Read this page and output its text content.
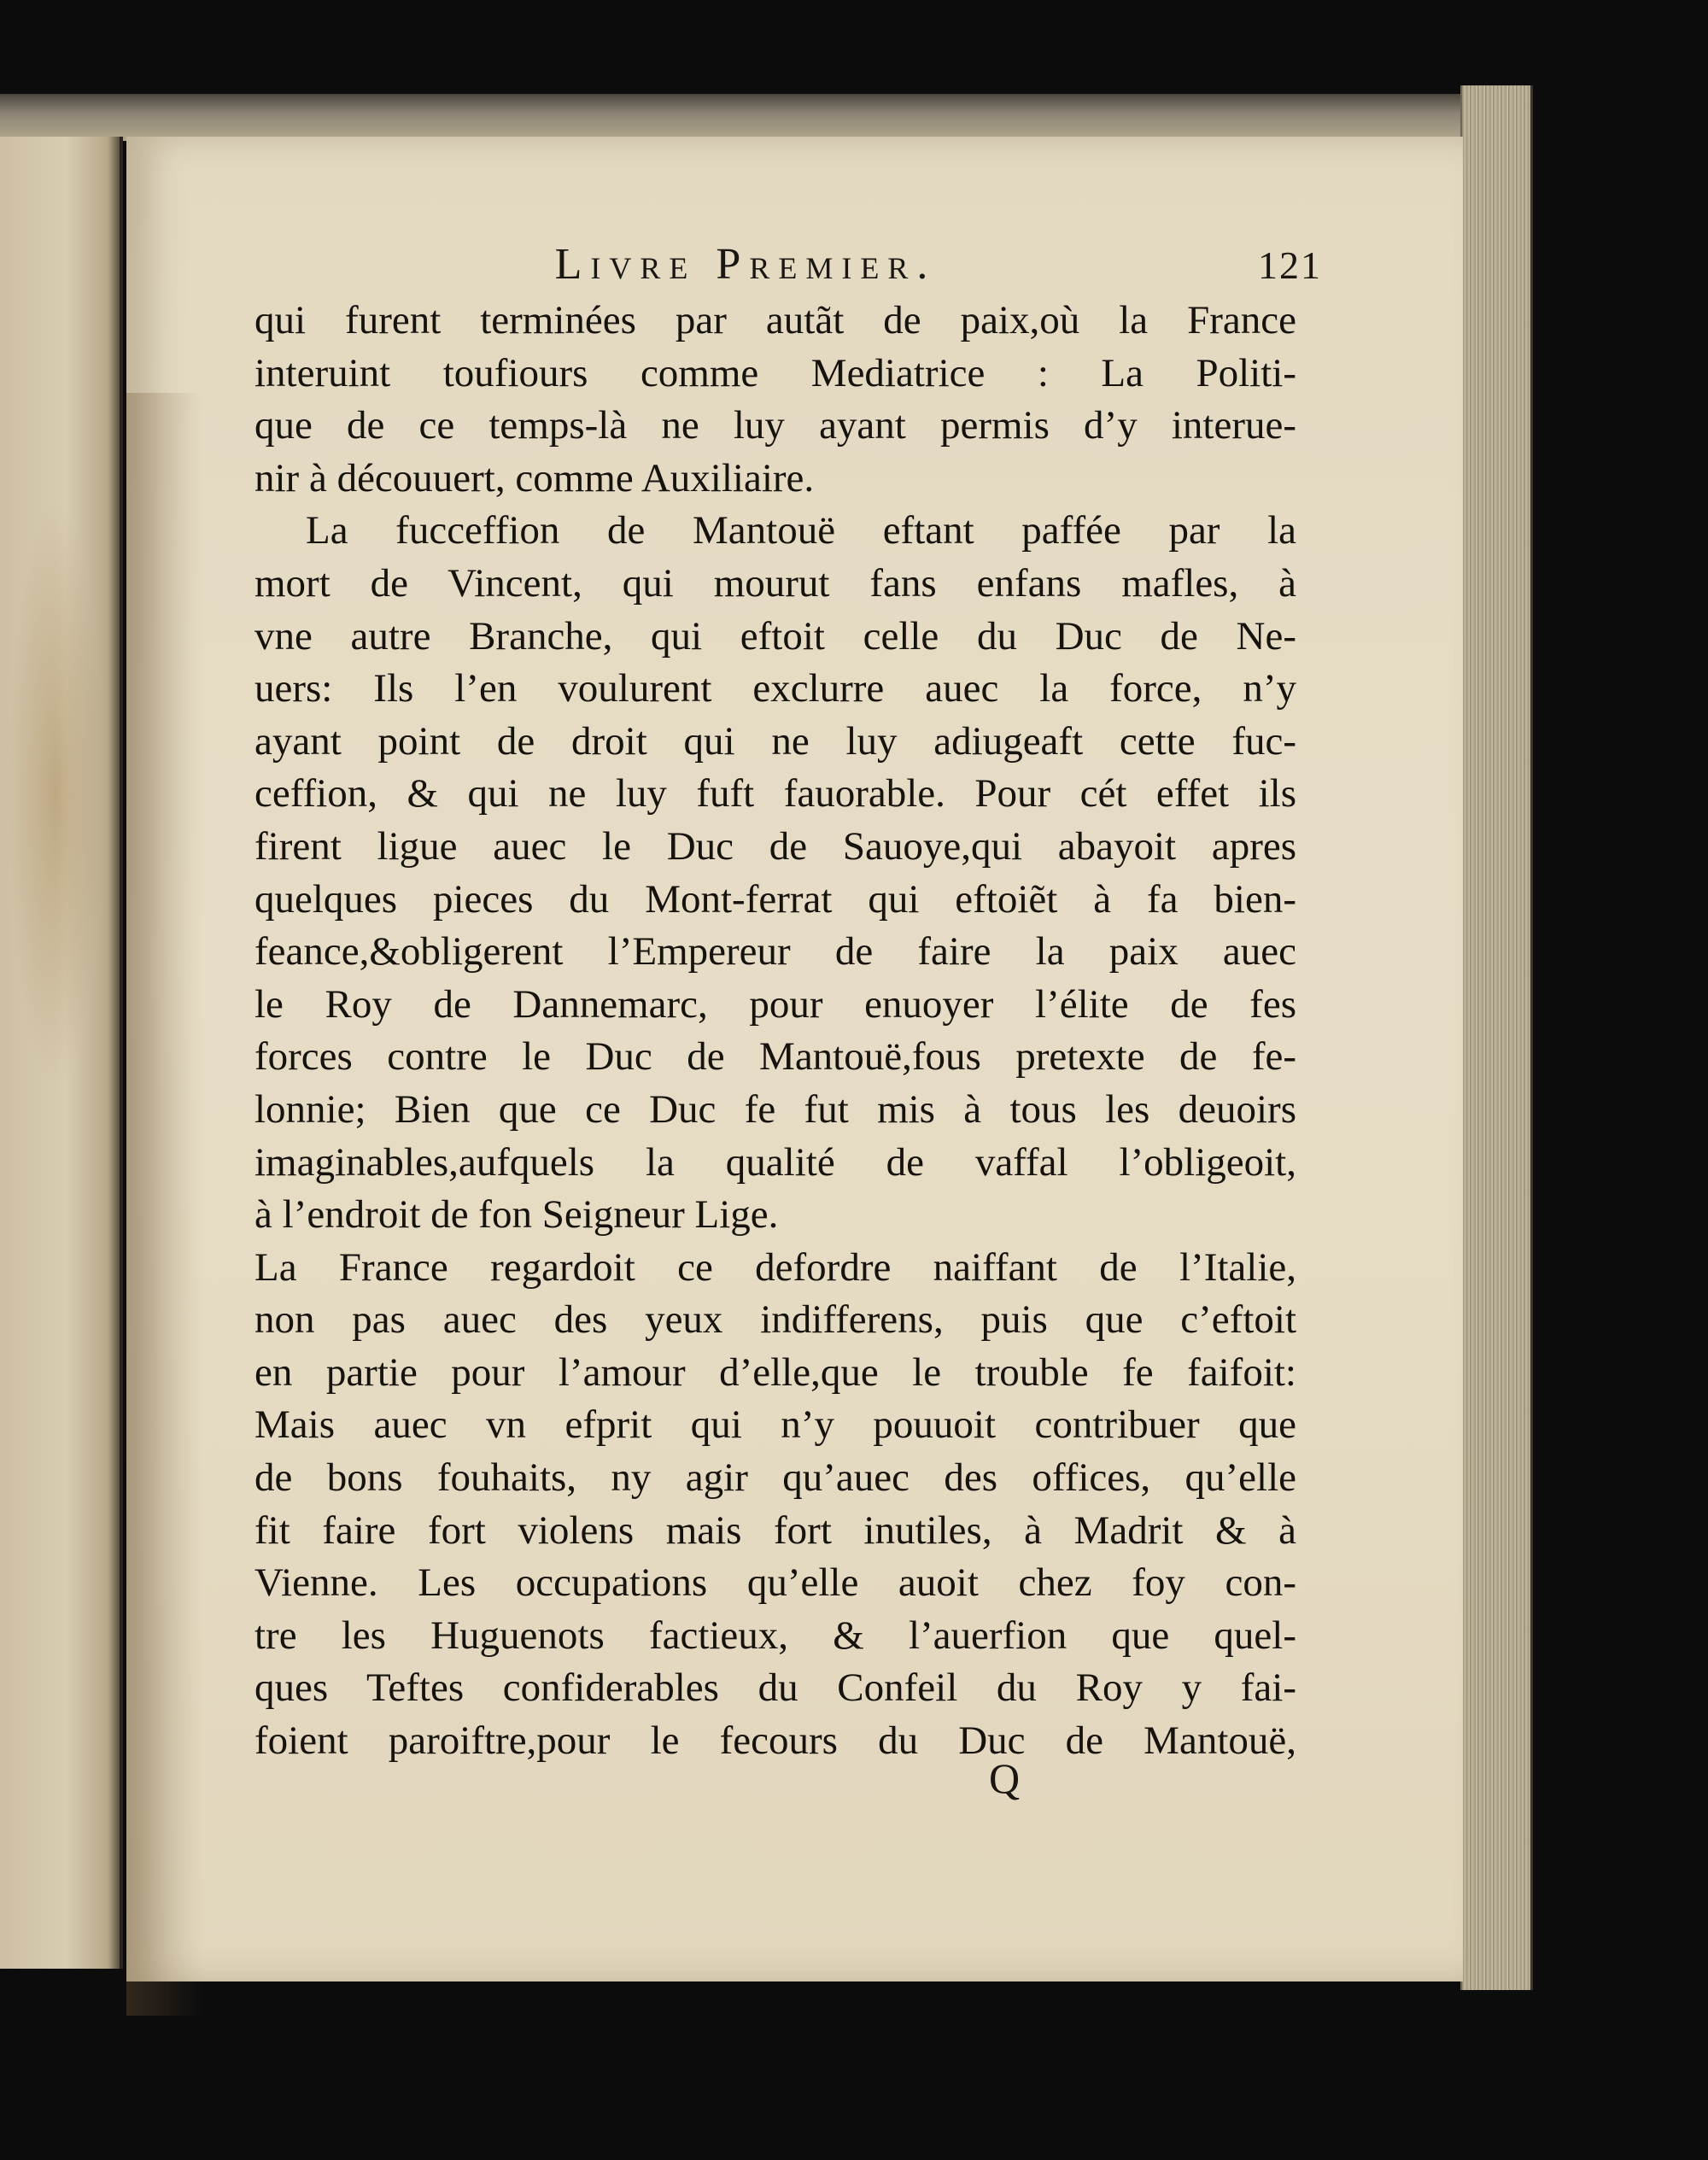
Livre Premier.	121
qui furent terminées par autãt de paix,où la France
interuint toufiours comme Mediatrice : La Politi-
que de ce temps-là ne luy ayant permis d’y interue-
nir à découuert, comme Auxiliaire.
La fucceffion de Mantouë eftant paffée par la
mort de Vincent, qui mourut fans enfans mafles, à
vne autre Branche, qui eftoit celle du Duc de Ne-
uers: Ils l’en voulurent exclurre auec la force, n’y
ayant point de droit qui ne luy adiugeaft cette fuc-
ceffion, & qui ne luy fuft fauorable. Pour cét effet ils
firent ligue auec le Duc de Sauoye,qui abayoit apres
quelques pieces du Mont-ferrat qui eftoiẽt à fa bien-
feance,&obligerent l’Empereur de faire la paix auec
le Roy de Dannemarc, pour enuoyer l’élite de fes
forces contre le Duc de Mantouë,fous pretexte de fe-
lonnie; Bien que ce Duc fe fut mis à tous les deuoirs
imaginables,aufquels la qualité de vaffal l’obligeoit,
à l’endroit de fon Seigneur Lige.
La France regardoit ce defordre naiffant de l’Italie,
non pas auec des yeux indifferens, puis que c’eftoit
en partie pour l’amour d’elle,que le trouble fe faifoit:
Mais auec vn efprit qui n’y pouuoit contribuer que
de bons fouhaits, ny agir qu’auec des offices, qu’elle
fit faire fort violens mais fort inutiles, à Madrit & à
Vienne. Les occupations qu’elle auoit chez foy con-
tre les Huguenots factieux, & l’auerfion que quel-
ques Teftes confiderables du Confeil du Roy y fai-
foient paroiftre,pour le fecours du Duc de Mantouë,
Q
